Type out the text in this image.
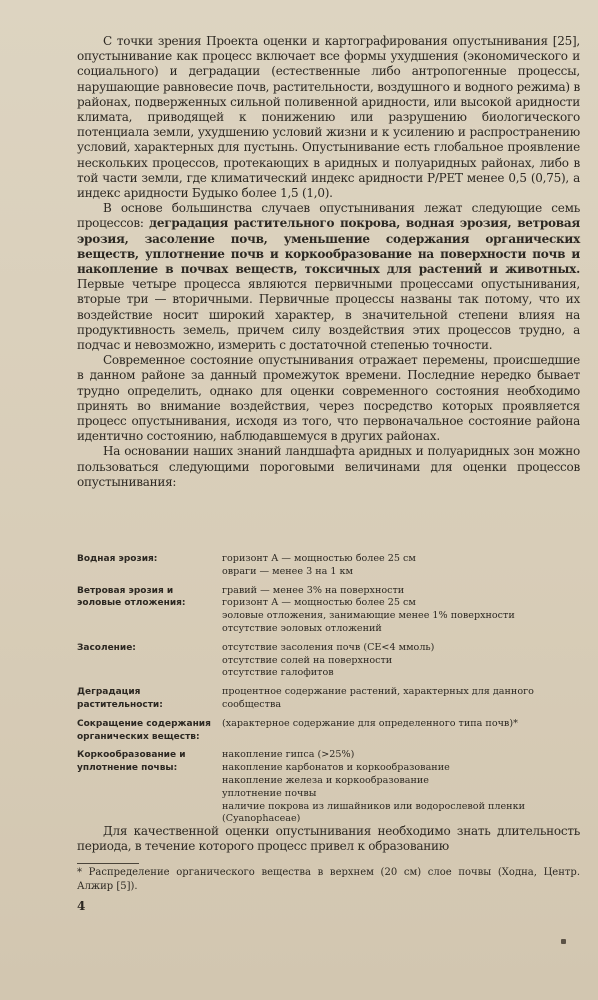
С точки зрения Проекта оценки и картографирования опустынивания [25], опустынивание как процесс включает все формы ухудшения (экономического и социального) и деградации (естественные либо антропогенные процессы, нарушающие равновесие почв, растительности, воздушного и водного режима) в районах, подверженных сильной поливенной аридности, или высокой аридности климата, приводящей к понижению или разрушению биологического потенциала земли, ухудшению условий жизни и к усилению и распространению условий, характерных для пустынь. Опустынивание есть глобальное проявление нескольких процессов, протекающих в аридных и полуаридных районах, либо в той части земли, где климатический индекс аридности P/PET менее 0,5 (0,75), а индекс аридности Будыко более 1,5 (1,0).

В основе большинства случаев опустынивания лежат следующие семь процессов: деградация растительного покрова, водная эрозия, ветровая эрозия, засоление почв, уменьшение содержания органических веществ, уплотнение почв и коркообразование на поверхности почв и накопление в почвах веществ, токсичных для растений и животных. Первые четыре процесса являются первичными процессами опустынивания, вторые три — вторичными. Первичные процессы названы так потому, что их воздействие носит широкий характер, в значительной степени влияя на продуктивность земель, причем силу воздействия этих процессов трудно, а подчас и невозможно, измерить с достаточной степенью точности.

Современное состояние опустынивания отражает перемены, происшедшие в данном районе за данный промежуток времени. Последние нередко бывает трудно определить, однако для оценки современного состояния необходимо принять во внимание воздействия, через посредство которых проявляется процесс опустынивания, исходя из того, что первоначальное состояние района идентично состоянию, наблюдавшемуся в других районах.

На основании наших знаний ландшафта аридных и полуаридных зон можно пользоваться следующими пороговыми величинами для оценки процессов опустынивания:

Водная эрозия:	горизонт А — мощностью более 25 см
овраги — менее 3 на 1 км
Ветровая эрозия и эоловые отложения:
гравий — менее 3% на поверхности
горизонт А — мощностью более 25 см
эоловые отложения, занимающие менее 1% поверхности
отсутствие эоловых отложений
Засоление:	отсутствие засоления почв (СЕ<4 ммоль)
отсутствие солей на поверхности
отсутствие галофитов
Деградация растительности:
процентное содержание растений, характерных для данного
сообщества
Сокращение содержания органических веществ:
(характерное содержание для определенного типа почв)*
Коркообразование и уплотнение почвы:
накопление гипса (>25%)
накопление карбонатов и коркообразование
накопление железа и коркообразование
уплотнение почвы
наличие покрова из лишайников или водорослевой пленки
(Cyanophaceae)

Для качественной оценки опустынивания необходимо знать длительность периода, в течение которого процесс привел к образованию

* Распределение органического вещества в верхнем (20 см) слое почвы (Ходна, Центр. Алжир [5]).

4
